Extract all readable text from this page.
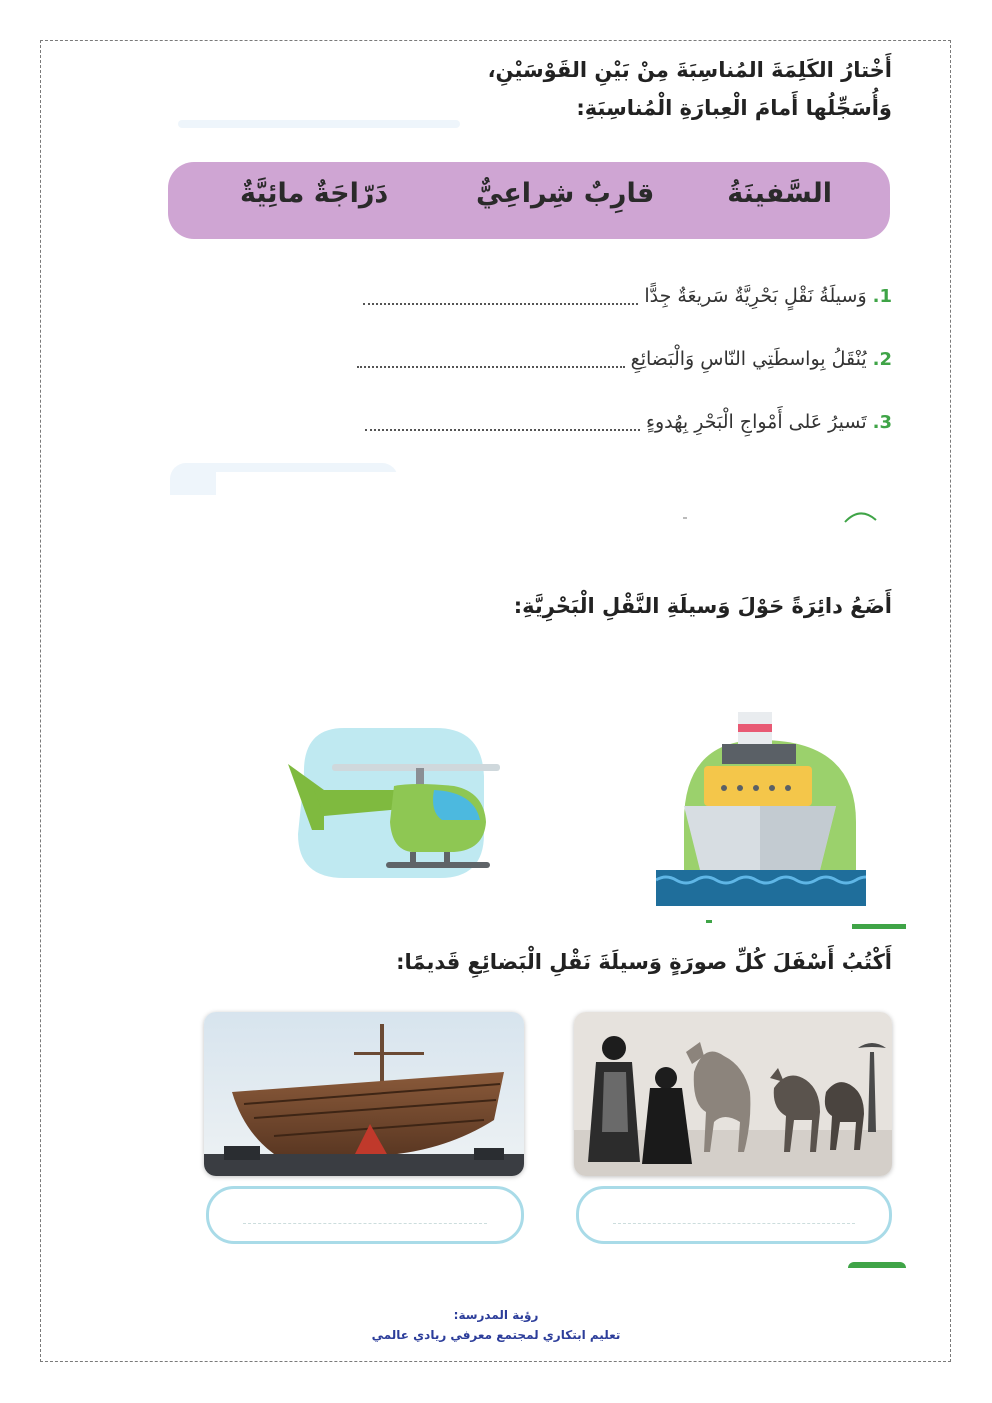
أَخْتارُ الكَلِمَةَ المُناسِبَةَ مِنْ بَيْنِ القَوْسَيْنِ،
وَأُسَجِّلُها أَمامَ الْعِبارَةِ الْمُناسِبَةِ:
السَّفينَةُ
قارِبٌ شِراعِيٌّ
دَرّاجَةٌ مائِيَّةٌ
1.
وَسيلَةُ نَقْلٍ بَحْرِيَّةٌ سَريعَةٌ جِدًّا
2.
يُنْقَلُ بِواسطَتِي النّاسِ وَالْبَضائِعِ
3.
تَسيرُ عَلى أَمْواجِ الْبَحْرِ بِهُدوءٍ
أَضَعُ دائِرَةً حَوْلَ وَسيلَةِ النَّقْلِ الْبَحْرِيَّةِ:
أَكْتُبُ أَسْفَلَ كُلِّ صورَةٍ وَسيلَةَ نَقْلِ الْبَضائِعِ قَديمًا:
رؤية المدرسة:
تعليم ابتكاري لمجتمع معرفي ريادي عالمي
